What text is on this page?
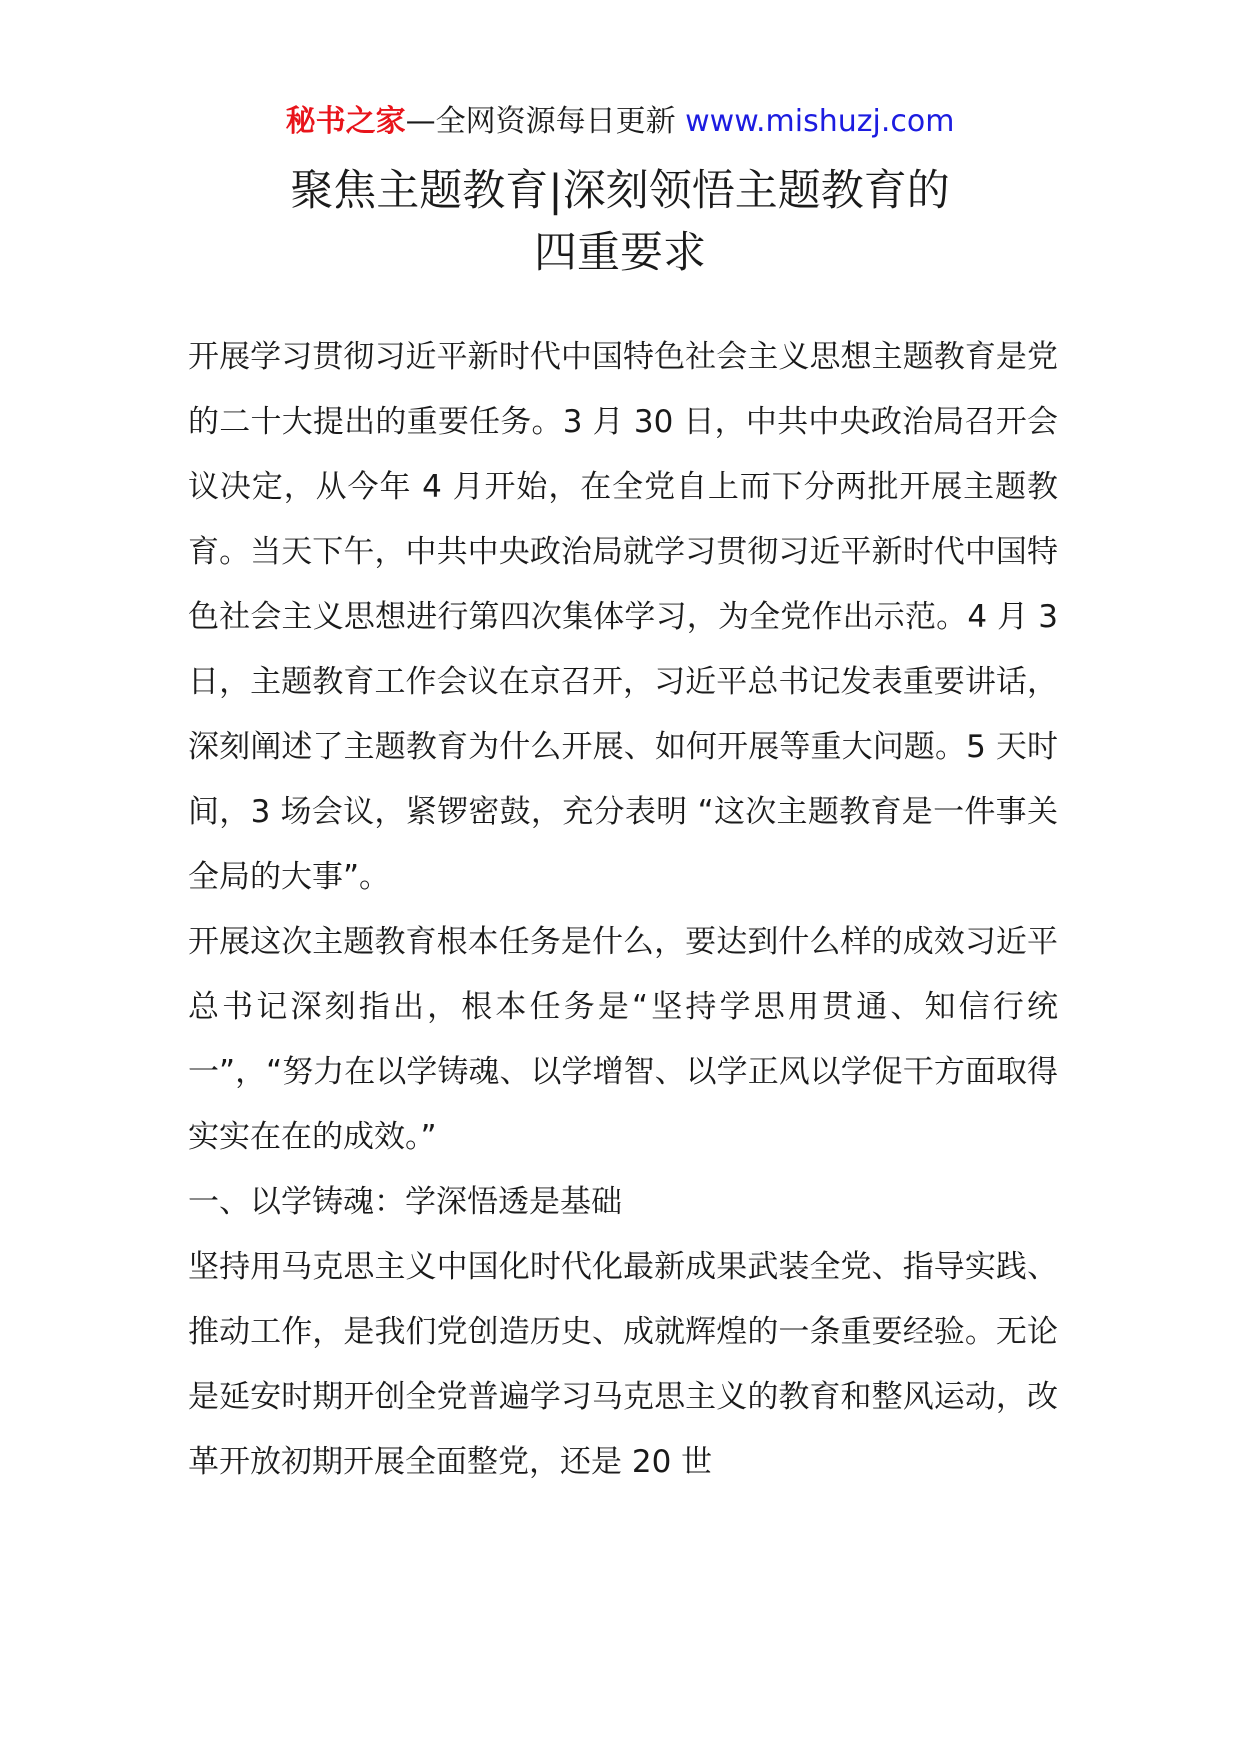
秘书之家—全网资源每日更新 www.mishuzj.com
聚焦主题教育|深刻领悟主题教育的
四重要求

开展学习贯彻习近平新时代中国特色社会主义思想主题教育是党的二十大提出的重要任务。3 月 30 日，中共中央政治局召开会议决定，从今年 4 月开始，在全党自上而下分两批开展主题教育。当天下午，中共中央政治局就学习贯彻习近平新时代中国特色社会主义思想进行第四次集体学习，为全党作出示范。4 月 3 日，主题教育工作会议在京召开，习近平总书记发表重要讲话，深刻阐述了主题教育为什么开展、如何开展等重大问题。5 天时间，3 场会议，紧锣密鼓，充分表明 “这次主题教育是一件事关全局的大事”。

开展这次主题教育根本任务是什么，要达到什么样的成效习近平总书记深刻指出，根本任务是“坚持学思用贯通、知信行统一”，“努力在以学铸魂、以学增智、以学正风以学促干方面取得实实在在的成效。”

一、以学铸魂：学深悟透是基础

坚持用马克思主义中国化时代化最新成果武装全党、指导实践、推动工作，是我们党创造历史、成就辉煌的一条重要经验。无论是延安时期开创全党普遍学习马克思主义的教育和整风运动，改革开放初期开展全面整党，还是 20 世
